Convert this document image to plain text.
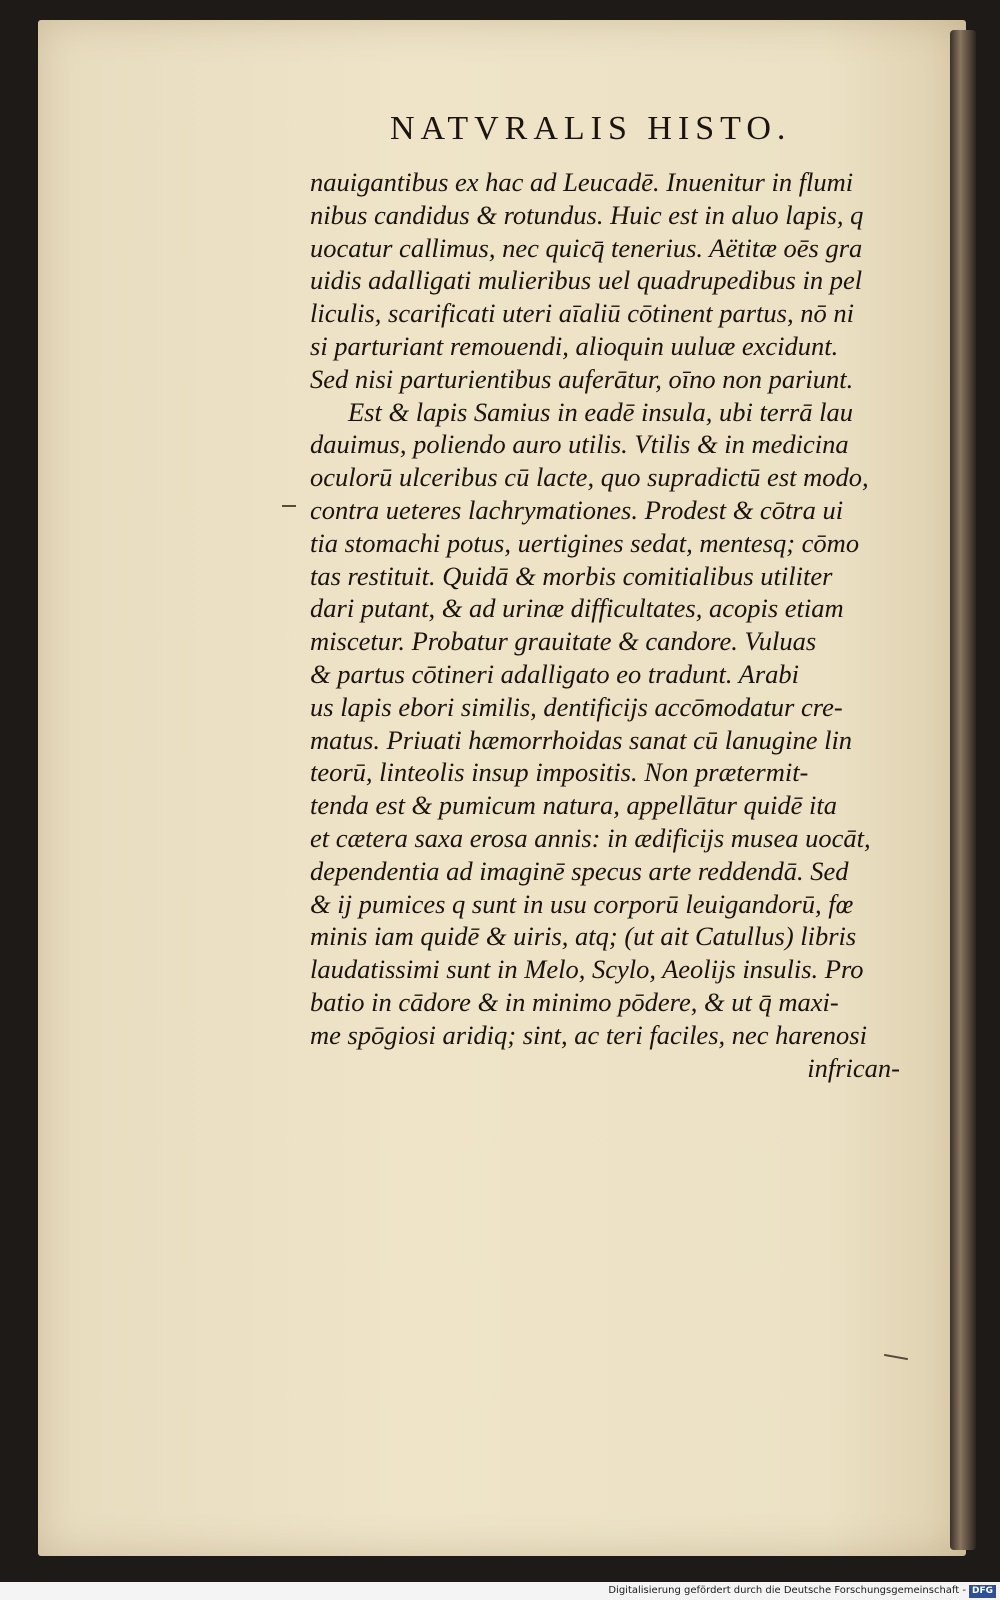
NATVRALIS HISTO.
nauigantibus ex hac ad Leucadē. Inuenitur in flumi
nibus candidus & rotundus. Huic est in aluo lapis, q
uocatur callimus, nec quicq̄ tenerius. Aëtitæ oēs gra
uidis adalligati mulieribus uel quadrupedibus in pel
liculis, scarificati uteri aīaliū cōtinent partus, nō ni
si parturiant remouendi, alioquin uuluæ excidunt.
Sed nisi parturientibus auferātur, oīno non pariunt.
Est & lapis Samius in eadē insula, ubi terrā lau
dauimus, poliendo auro utilis. Vtilis & in medicina
oculorū ulceribus cū lacte, quo supradictū est modo,
contra ueteres lachrymationes. Prodest & cōtra ui
tia stomachi potus, uertigines sedat, mentesq; cōmo
tas restituit. Quidā & morbis comitialibus utiliter
dari putant, & ad urinæ difficultates, acopis etiam
miscetur. Probatur grauitate & candore. Vuluas
& partus cōtineri adalligato eo tradunt. Arabi
us lapis ebori similis, dentificijs accōmodatur cre-
matus. Priuati hæmorrhoidas sanat cū lanugine lin
teorū, linteolis insup impositis. Non prætermit-
tenda est & pumicum natura, appellātur quidē ita
et cætera saxa erosa annis: in ædificijs musea uocāt,
dependentia ad imaginē specus arte reddendā. Sed
& ij pumices q sunt in usu corporū leuigandorū, fœ
minis iam quidē & uiris, atq; (ut ait Catullus) libris
laudatissimi sunt in Melo, Scylo, Aeolijs insulis. Pro
batio in cādore & in minimo pōdere, & ut q̄ maxi-
me spōgiosi aridiq; sint, ac teri faciles, nec harenosi
infrican-
Digitalisierung gefördert durch die Deutsche Forschungsgemeinschaft - DFG
